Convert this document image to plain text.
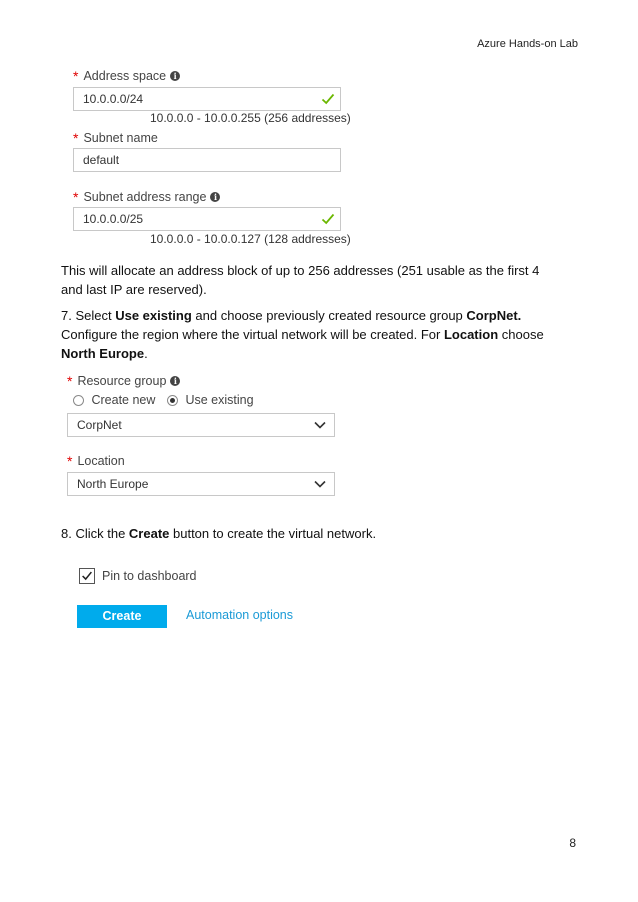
Azure Hands-on Lab
* Address space i
10.0.0.0/24
10.0.0.0 - 10.0.0.255 (256 addresses)
* Subnet name
default
* Subnet address range i
10.0.0.0/25
10.0.0.0 - 10.0.0.127 (128 addresses)
This will allocate an address block of up to 256 addresses (251 usable as the first 4
and last IP are reserved).
7. Select Use existing and choose previously created resource group CorpNet.
Configure the region where the virtual network will be created. For Location choose
North Europe.
* Resource group i
Create new	Use existing
CorpNet
* Location
North Europe
8. Click the Create button to create the virtual network.
Pin to dashboard
Create	Automation options
8
